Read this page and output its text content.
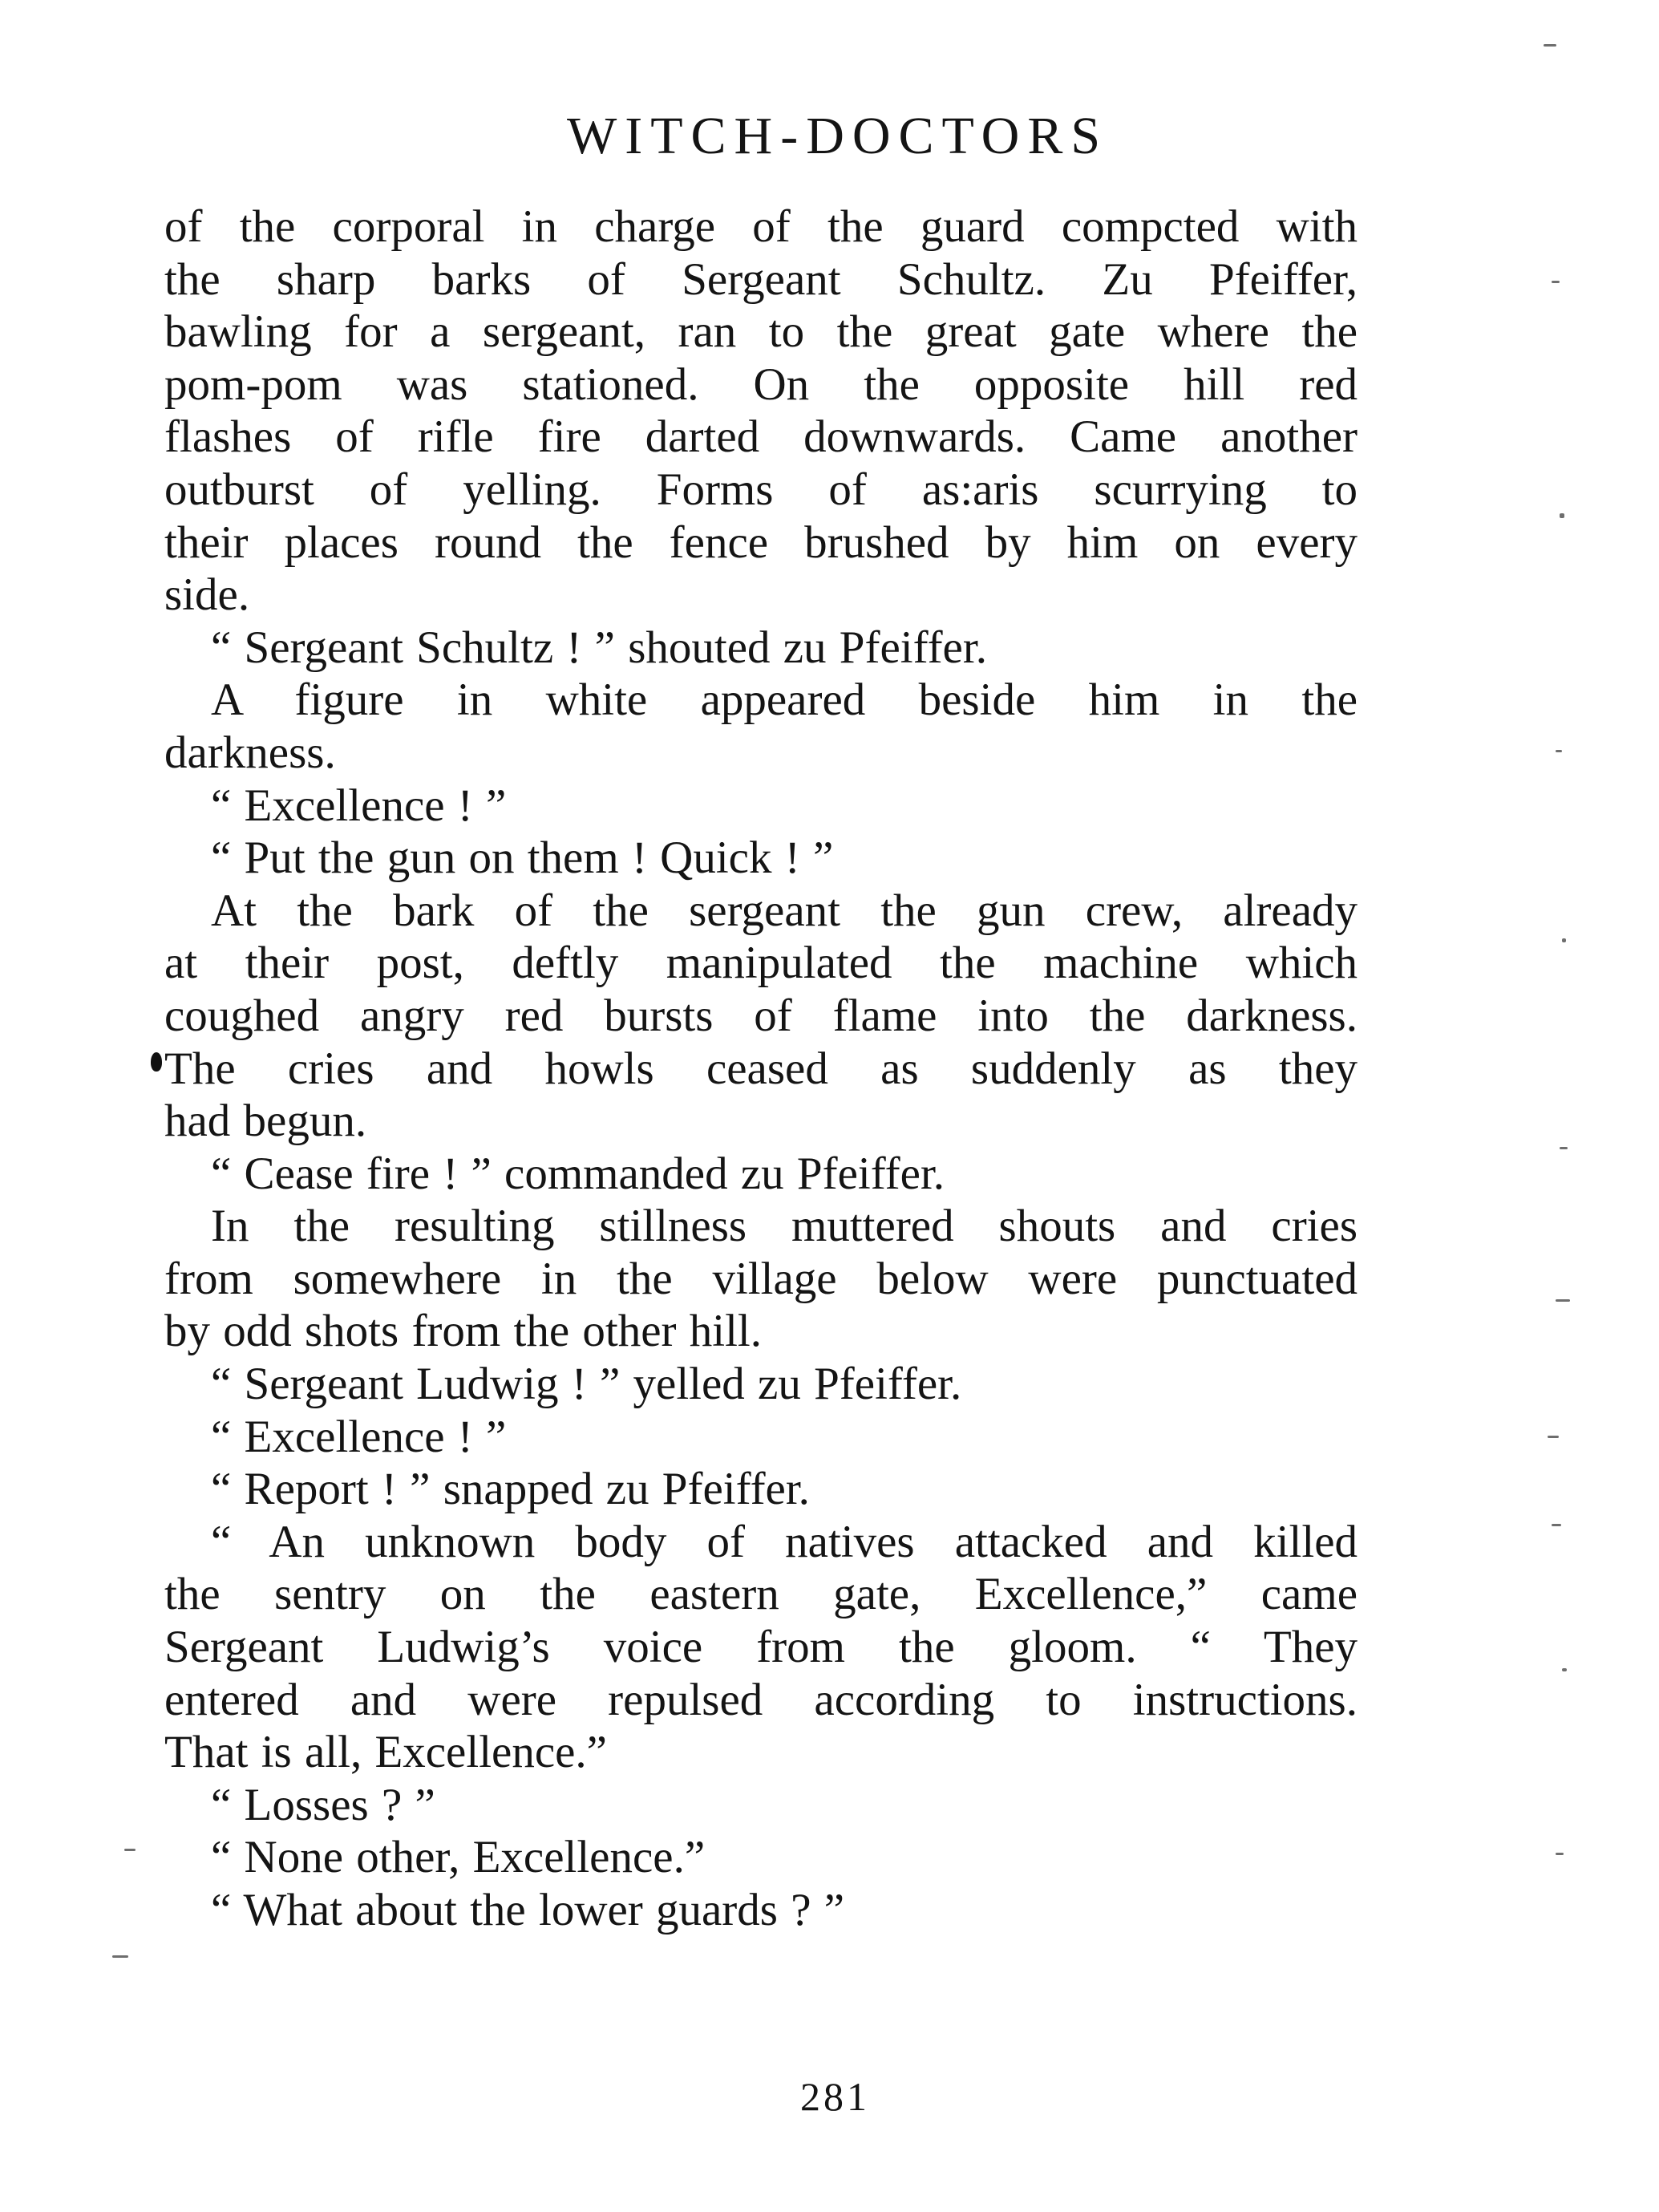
WITCH-DOCTORS
of the corporal in charge of the guard compcted with
the sharp barks of Sergeant Schultz. Zu Pfeiffer,
bawling for a sergeant, ran to the great gate where the
pom-pom was stationed. On the opposite hill red
flashes of rifle fire darted downwards. Came another
outburst of yelling. Forms of as:aris scurrying to
their places round the fence brushed by him on every
side.
“ Sergeant Schultz ! ” shouted zu Pfeiffer.
A figure in white appeared beside him in the
darkness.
“ Excellence ! ”
“ Put the gun on them ! Quick ! ”
At the bark of the sergeant the gun crew, already
at their post, deftly manipulated the machine which
coughed angry red bursts of flame into the darkness.
The cries and howls ceased as suddenly as they
had begun.
“ Cease fire ! ” commanded zu Pfeiffer.
In the resulting stillness muttered shouts and cries
from somewhere in the village below were punctuated
by odd shots from the other hill.
“ Sergeant Ludwig ! ” yelled zu Pfeiffer.
“ Excellence ! ”
“ Report ! ” snapped zu Pfeiffer.
“ An unknown body of natives attacked and killed
the sentry on the eastern gate, Excellence,” came
Sergeant Ludwig’s voice from the gloom. “ They
entered and were repulsed according to instructions.
That is all, Excellence.”
“ Losses ? ”
“ None other, Excellence.”
“ What about the lower guards ? ”
281
